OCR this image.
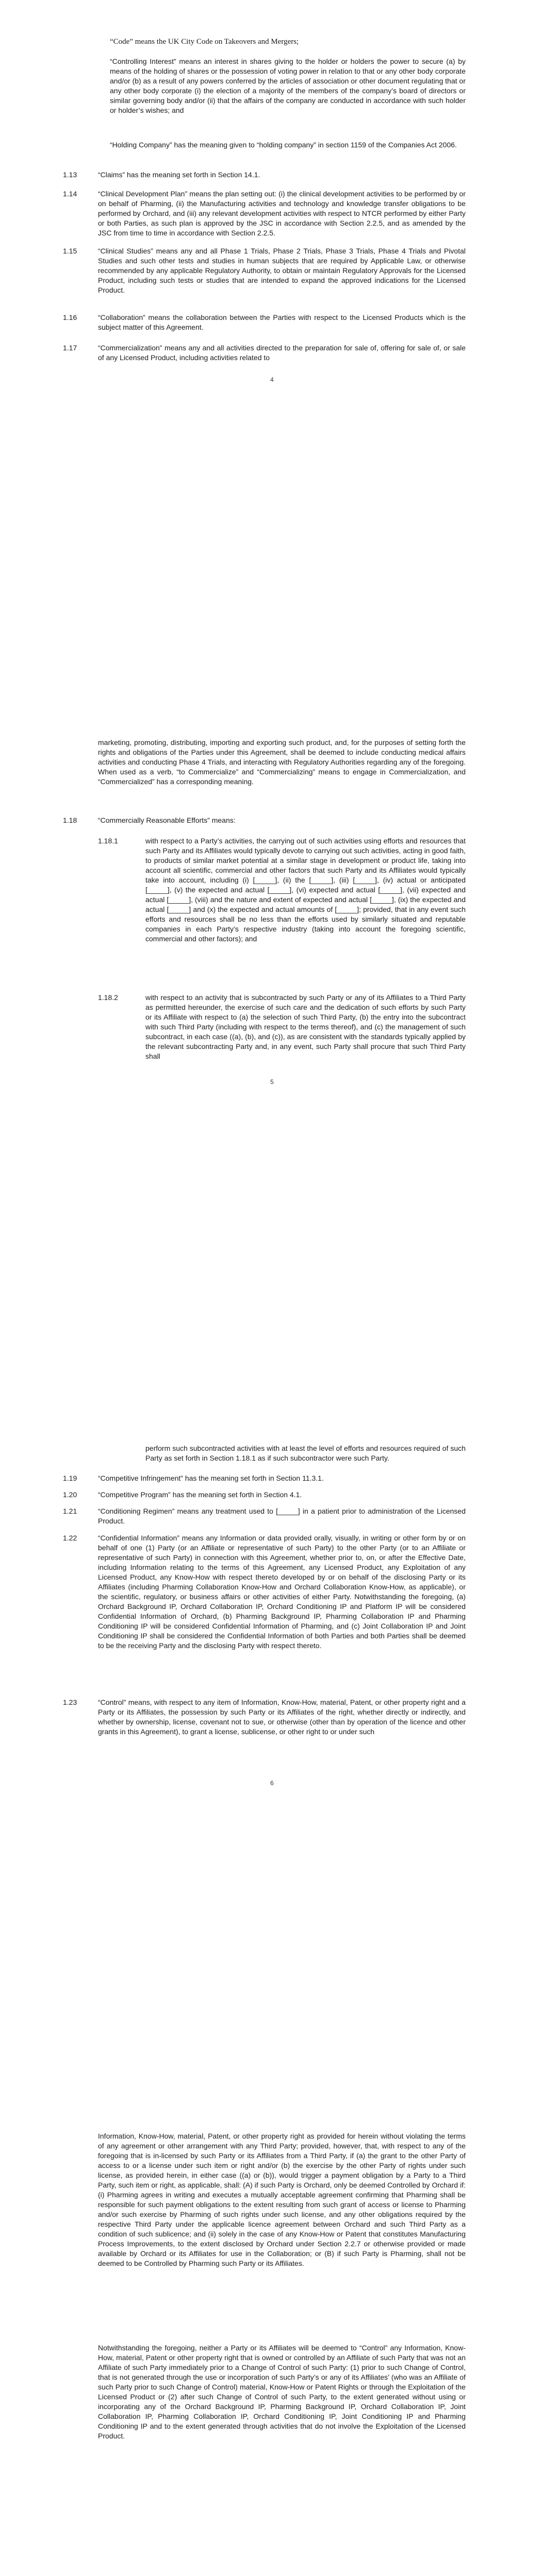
“Code” means the UK City Code on Takeovers and Mergers;

“Controlling Interest” means an interest in shares giving to the holder or holders the power to secure (a) by means of the holding of shares or the possession of voting power in relation to that or any other body corporate and/or (b) as a result of any powers conferred by the articles of association or other document regulating that or any other body corporate (i) the election of a majority of the members of the company’s board of directors or similar governing body and/or (ii) that the affairs of the company are conducted in accordance with such holder or holder’s wishes; and

“Holding Company” has the meaning given to “holding company” in section 1159 of the Companies Act 2006.

1.13	“Claims” has the meaning set forth in Section 14.1.

1.14	“Clinical Development Plan” means the plan setting out: (i) the clinical development activities to be performed by or on behalf of Pharming, (ii) the Manufacturing activities and technology and knowledge transfer obligations to be performed by Orchard, and (iii) any relevant development activities with respect to NTCR performed by either Party or both Parties, as such plan is approved by the JSC in accordance with Section 2.2.5, and as amended by the JSC from time to time in accordance with Section 2.2.5.

1.15	“Clinical Studies” means any and all Phase 1 Trials, Phase 2 Trials, Phase 3 Trials, Phase 4 Trials and Pivotal Studies and such other tests and studies in human subjects that are required by Applicable Law, or otherwise recommended by any applicable Regulatory Authority, to obtain or maintain Regulatory Approvals for the Licensed Product, including such tests or studies that are intended to expand the approved indications for the Licensed Product.

1.16	“Collaboration” means the collaboration between the Parties with respect to the Licensed Products which is the subject matter of this Agreement.

1.17	“Commercialization” means any and all activities directed to the preparation for sale of, offering for sale of, or sale of any Licensed Product, including activities related to

4

marketing, promoting, distributing, importing and exporting such product, and, for the purposes of setting forth the rights and obligations of the Parties under this Agreement, shall be deemed to include conducting medical affairs activities and conducting Phase 4 Trials, and interacting with Regulatory Authorities regarding any of the foregoing. When used as a verb, “to Commercialize” and “Commercializing” means to engage in Commercialization, and “Commercialized” has a corresponding meaning.

1.18	“Commercially Reasonable Efforts” means:

1.18.1	with respect to a Party’s activities, the carrying out of such activities using efforts and resources that such Party and its Affiliates would typically devote to carrying out such activities, acting in good faith, to products of similar market potential at a similar stage in development or product life, taking into account all scientific, commercial and other factors that such Party and its Affiliates would typically take into account, including (i) [_____], (ii) the [_____], (iii) [_____], (iv) actual or anticipated [_____], (v) the expected and actual [_____], (vi) expected and actual [_____], (vii) expected and actual [_____], (viii) and the nature and extent of expected and actual [_____], (ix) the expected and actual [_____] and (x) the expected and actual amounts of [_____]; provided, that in any event such efforts and resources shall be no less than the efforts used by similarly situated and reputable companies in each Party’s respective industry (taking into account the foregoing scientific, commercial and other factors); and

1.18.2	with respect to an activity that is subcontracted by such Party or any of its Affiliates to a Third Party as permitted hereunder, the exercise of such care and the dedication of such efforts by such Party or its Affiliate with respect to (a) the selection of such Third Party, (b) the entry into the subcontract with such Third Party (including with respect to the terms thereof), and (c) the management of such subcontract, in each case ((a), (b), and (c)), as are consistent with the standards typically applied by the relevant subcontracting Party and, in any event, such Party shall procure that such Third Party shall

5

perform such subcontracted activities with at least the level of efforts and resources required of such Party as set forth in Section 1.18.1 as if such subcontractor were such Party.

1.19	“Competitive Infringement” has the meaning set forth in Section 11.3.1.

1.20	“Competitive Program” has the meaning set forth in Section 4.1.

1.21	“Conditioning Regimen” means any treatment used to [_____] in a patient prior to administration of the Licensed Product.

1.22	“Confidential Information” means any Information or data provided orally, visually, in writing or other form by or on behalf of one (1) Party (or an Affiliate or representative of such Party) to the other Party (or to an Affiliate or representative of such Party) in connection with this Agreement, whether prior to, on, or after the Effective Date, including Information relating to the terms of this Agreement, any Licensed Product, any Exploitation of any Licensed Product, any Know-How with respect thereto developed by or on behalf of the disclosing Party or its Affiliates (including Pharming Collaboration Know-How and Orchard Collaboration Know-How, as applicable), or the scientific, regulatory, or business affairs or other activities of either Party. Notwithstanding the foregoing, (a) Orchard Background IP, Orchard Collaboration IP, Orchard Conditioning IP and Platform IP will be considered Confidential Information of Orchard, (b) Pharming Background IP, Pharming Collaboration IP and Pharming Conditioning IP will be considered Confidential Information of Pharming, and (c) Joint Collaboration IP and Joint Conditioning IP shall be considered the Confidential Information of both Parties and both Parties shall be deemed to be the receiving Party and the disclosing Party with respect thereto.

1.23	“Control” means, with respect to any item of Information, Know-How, material, Patent, or other property right and a Party or its Affiliates, the possession by such Party or its Affiliates of the right, whether directly or indirectly, and whether by ownership, license, covenant not to sue, or otherwise (other than by operation of the licence and other grants in this Agreement), to grant a license, sublicense, or other right to or under such

6

Information, Know-How, material, Patent, or other property right as provided for herein without violating the terms of any agreement or other arrangement with any Third Party; provided, however, that, with respect to any of the foregoing that is in-licensed by such Party or its Affiliates from a Third Party, if (a) the grant to the other Party of access to or a license under such item or right and/or (b) the exercise by the other Party of rights under such license, as provided herein, in either case ((a) or (b)), would trigger a payment obligation by a Party to a Third Party, such item or right, as applicable, shall: (A) if such Party is Orchard, only be deemed Controlled by Orchard if: (i) Pharming agrees in writing and executes a mutually acceptable agreement confirming that Pharming shall be responsible for such payment obligations to the extent resulting from such grant of access or license to Pharming and/or such exercise by Pharming of such rights under such license, and any other obligations required by the respective Third Party under the applicable licence agreement between Orchard and such Third Party as a condition of such sublicence; and (ii) solely in the case of any Know-How or Patent that constitutes Manufacturing Process Improvements, to the extent disclosed by Orchard under Section 2.2.7 or otherwise provided or made available by Orchard or its Affiliates for use in the Collaboration; or (B) if such Party is Pharming, shall not be deemed to be Controlled by Pharming such Party or its Affiliates.

Notwithstanding the foregoing, neither a Party or its Affiliates will be deemed to “Control” any Information, Know-How, material, Patent or other property right that is owned or controlled by an Affiliate of such Party that was not an Affiliate of such Party immediately prior to a Change of Control of such Party: (1) prior to such Change of Control, that is not generated through the use or incorporation of such Party’s or any of its Affiliates’ (who was an Affiliate of such Party prior to such Change of Control) material, Know-How or Patent Rights or through the Exploitation of the Licensed Product or (2) after such Change of Control of such Party, to the extent generated without using or incorporating any of the Orchard Background IP, Pharming Background IP, Orchard Collaboration IP, Joint Collaboration IP, Pharming Collaboration IP, Orchard Conditioning IP, Joint Conditioning IP and Pharming Conditioning IP and to the extent generated through activities that do not involve the Exploitation of the Licensed Product.
